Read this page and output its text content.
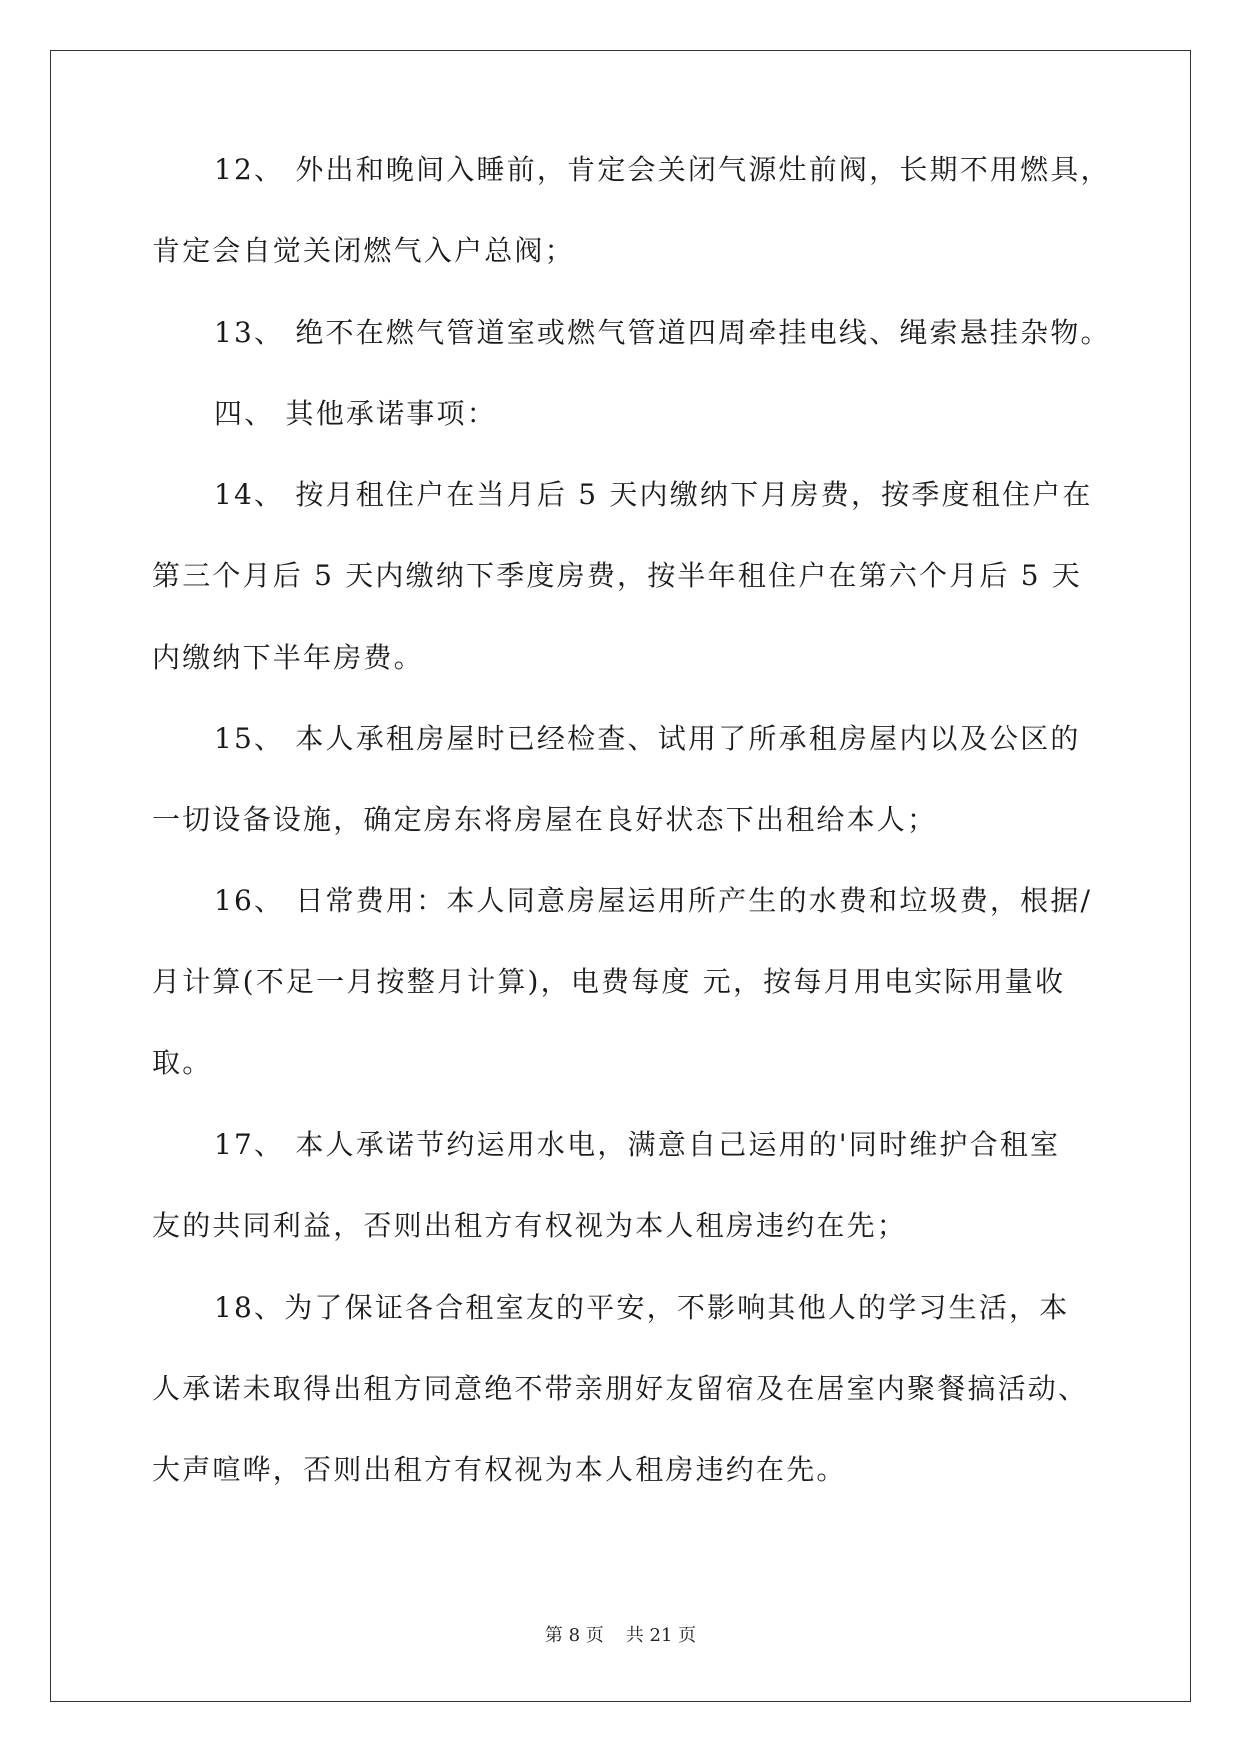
12、 外出和晚间入睡前，肯定会关闭气源灶前阀，长期不用燃具，
肯定会自觉关闭燃气入户总阀；
13、 绝不在燃气管道室或燃气管道四周牵挂电线、绳索悬挂杂物。
四、 其他承诺事项：
14、 按月租住户在当月后 5 天内缴纳下月房费，按季度租住户在
第三个月后 5 天内缴纳下季度房费，按半年租住户在第六个月后 5 天
内缴纳下半年房费。
15、 本人承租房屋时已经检查、试用了所承租房屋内以及公区的
一切设备设施，确定房东将房屋在良好状态下出租给本人；
16、 日常费用：本人同意房屋运用所产生的水费和垃圾费，根据/
月计算(不足一月按整月计算)，电费每度 元，按每月用电实际用量收
取。
17、 本人承诺节约运用水电，满意自己运用的'同时维护合租室
友的共同利益，否则出租方有权视为本人租房违约在先；
18、为了保证各合租室友的平安，不影响其他人的学习生活，本
人承诺未取得出租方同意绝不带亲朋好友留宿及在居室内聚餐搞活动、
大声喧哗，否则出租方有权视为本人租房违约在先。
第 8 页 共 21 页
